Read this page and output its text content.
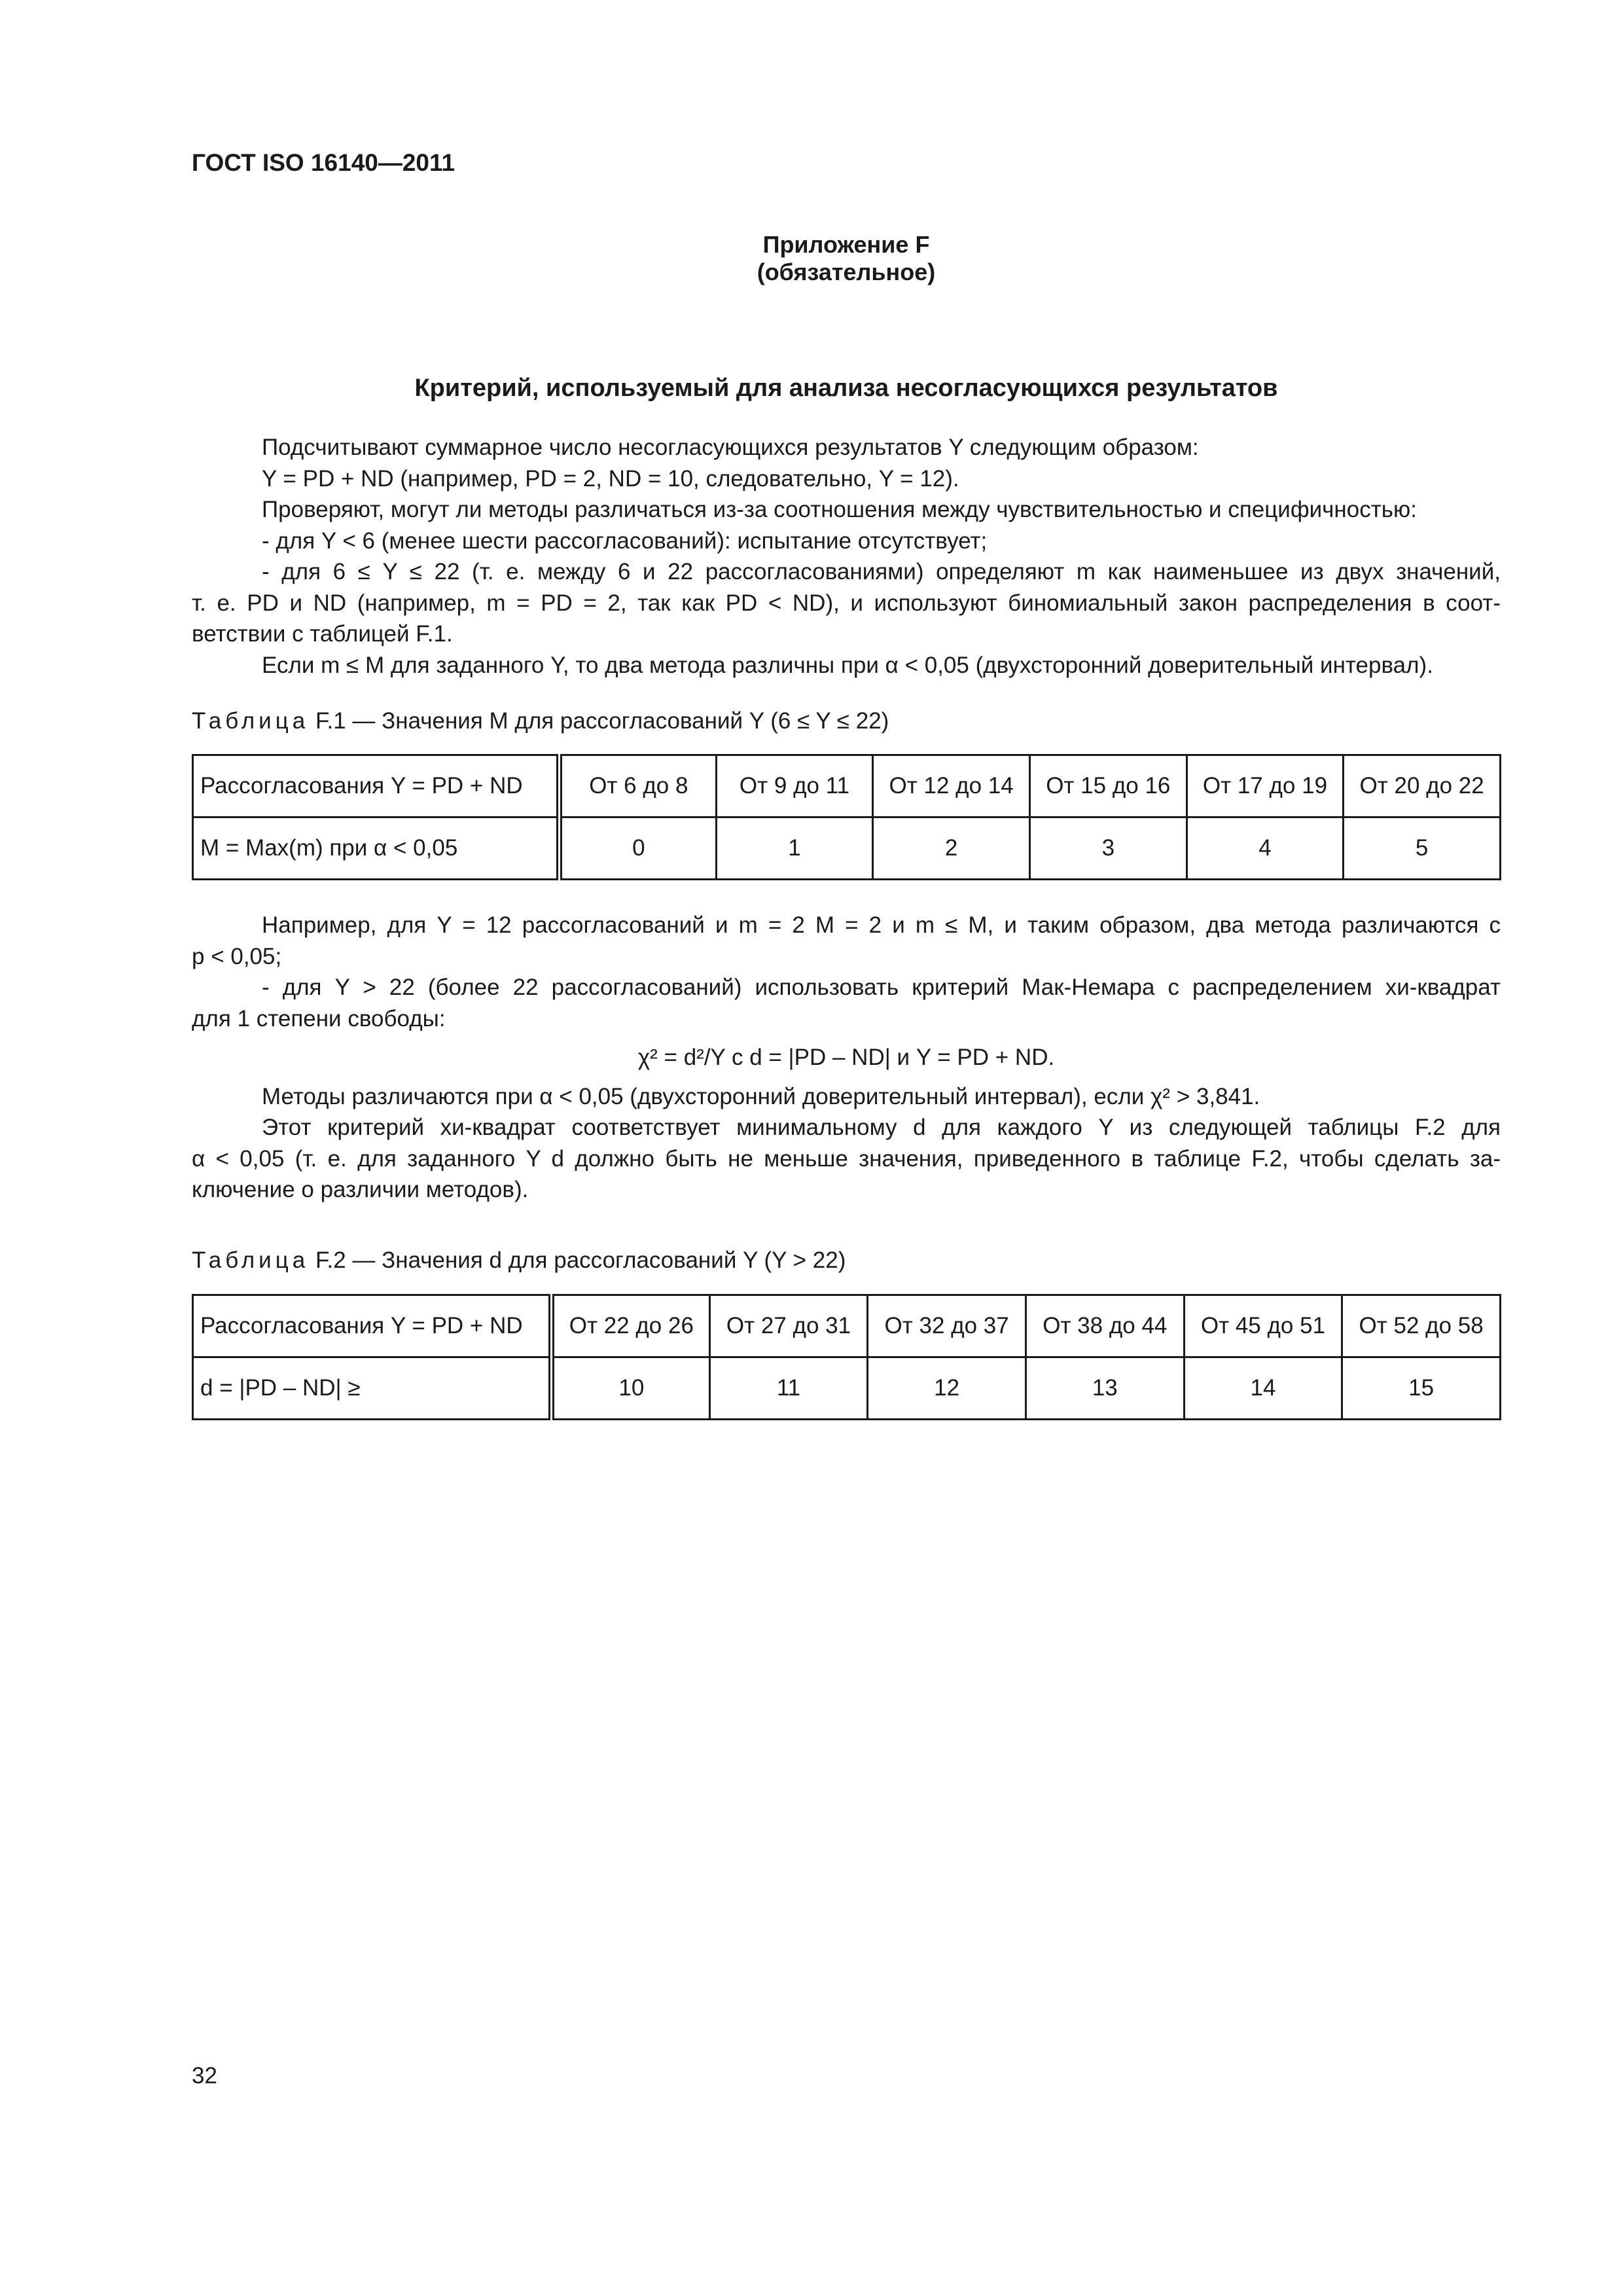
ГОСТ ISO 16140—2011
Приложение F
(обязательное)
Критерий, используемый для анализа несогласующихся результатов

Подсчитывают суммарное число несогласующихся результатов Y следующим образом:

Y = PD + ND (например, PD = 2, ND = 10, следовательно, Y = 12).

Проверяют, могут ли методы различаться из-за соотношения между чувствительностью и специфичностью:

- для Y < 6 (менее шести рассогласований): испытание отсутствует;

- для 6 ≤ Y ≤ 22 (т. е. между 6 и 22 рассогласованиями) определяют m как наименьшее из двух значений,

т. е. PD и ND (например, m = PD = 2, так как PD < ND), и используют биномиальный закон распределения в соот-

ветствии с таблицей F.1.

Если m ≤ M для заданного Y, то два метода различны при α < 0,05 (двухсторонний доверительный интервал).

Таблица F.1 — Значения M для рассогласований Y (6 ≤ Y ≤ 22)
Рассогласования Y = PD + ND	От 6 до 8	От 9 до 11	От 12 до 14	От 15 до 16	От 17 до 19	От 20 до 22
M = Max(m) при α < 0,05	0	1	2	3	4	5

Например, для Y = 12 рассогласований и m = 2 M = 2 и m ≤ M, и таким образом, два метода различаются с

p < 0,05;

- для Y > 22 (более 22 рассогласований) использовать критерий Мак-Немара с распределением хи-квадрат

для 1 степени свободы:

χ² = d²/Y с d = |PD – ND| и Y = PD + ND.

Методы различаются при α < 0,05 (двухсторонний доверительный интервал), если χ² > 3,841.

Этот критерий хи-квадрат соответствует минимальному d для каждого Y из следующей таблицы F.2 для

α < 0,05 (т. е. для заданного Y d должно быть не меньше значения, приведенного в таблице F.2, чтобы сделать за-

ключение о различии методов).

Таблица F.2 — Значения d для рассогласований Y (Y > 22)
Рассогласования Y = PD + ND	От 22 до 26	От 27 до 31	От 32 до 37	От 38 до 44	От 45 до 51	От 52 до 58
d = |PD – ND| ≥	10	11	12	13	14	15
32
